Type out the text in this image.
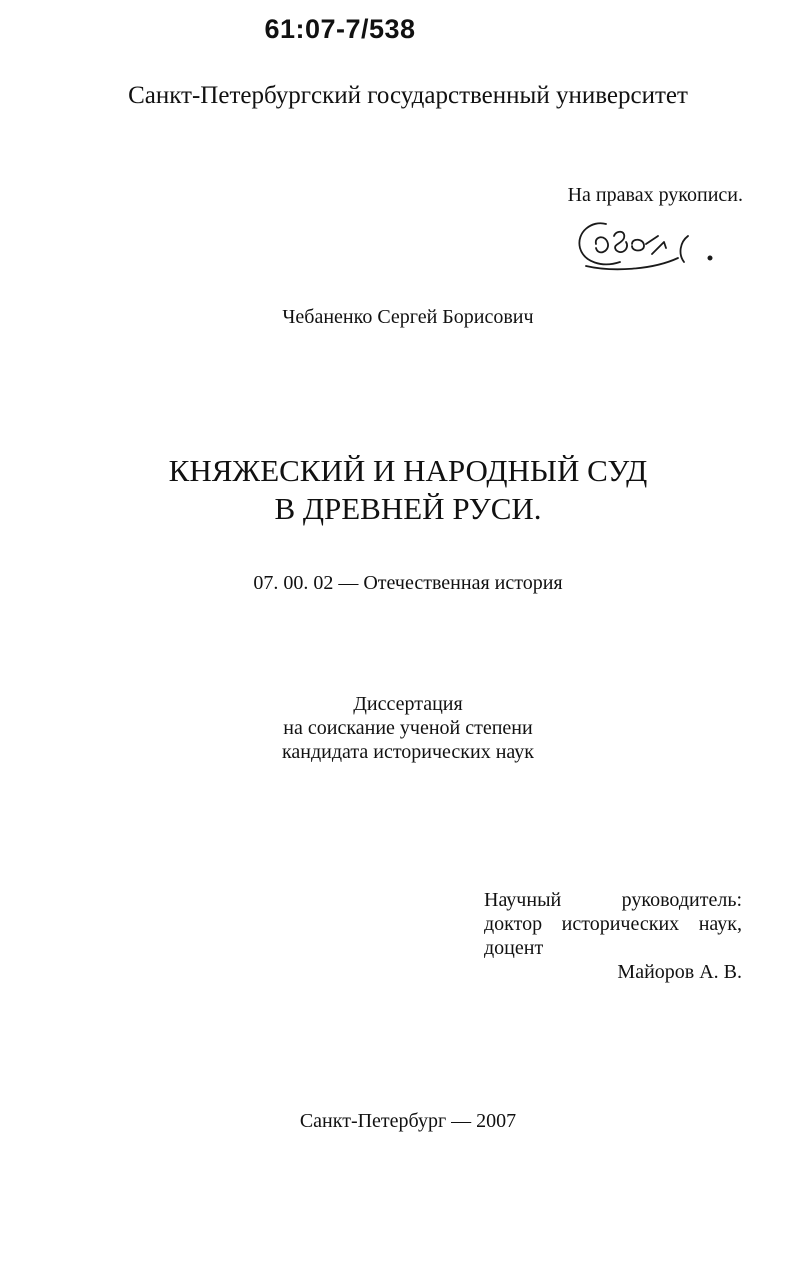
61:07-7/538
Санкт-Петербургский государственный университет
На правах рукописи.
Чебаненко Сергей Борисович
КНЯЖЕСКИЙ И НАРОДНЫЙ СУД
В ДРЕВНЕЙ РУСИ.
07. 00. 02 — Отечественная история
Диссертация
на соискание ученой степени
кандидата исторических наук
Научный	руководитель:
доктор исторических наук,
доцент
Майоров А. В.
Санкт-Петербург — 2007
